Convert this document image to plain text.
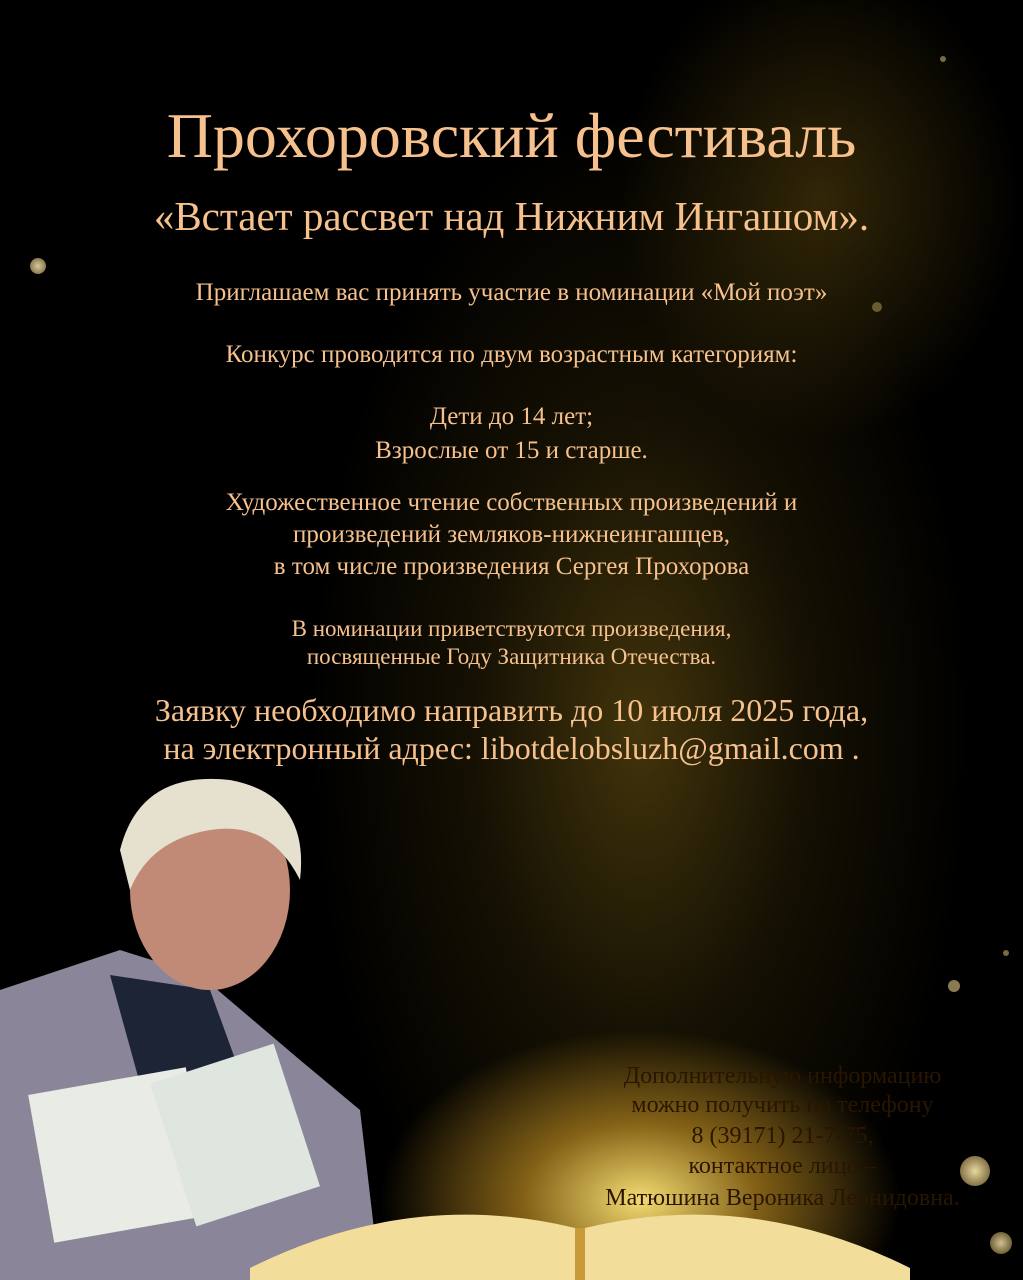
Прохоровский фестиваль
«Встает рассвет над Нижним Ингашом».
Приглашаем вас принять участие в номинации «Мой поэт»
Конкурс проводится по двум возрастным категориям:
Дети до 14 лет;
Взрослые от 15 и старше.
Художественное чтение собственных произведений и
произведений земляков-нижнеингашцев,
в том числе произведения Сергея Прохорова
В номинации приветствуются произведения,
посвященные Году Защитника Отечества.
Заявку необходимо направить до 10 июля 2025 года,
на электронный адрес: libotdelobsluzh@gmail.com .
Дополнительную информацию
можно получить по телефону
8 (39171) 21-7-75,
контактное лицо –
Матюшина Вероника Леонидовна.
